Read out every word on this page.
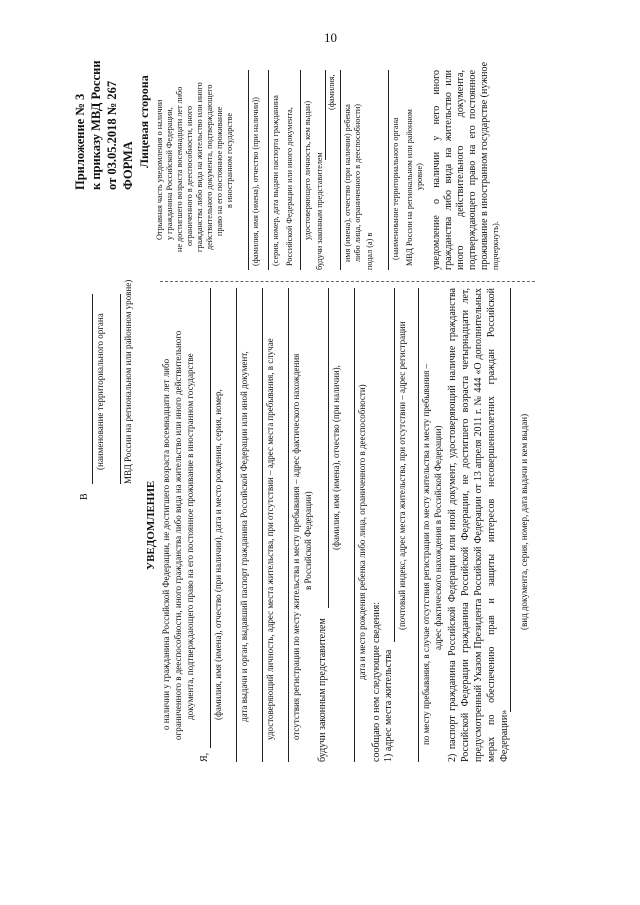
10
Приложение № 3 к приказу МВД России от 03.05.2018 № 267 ФОРМА Лицевая сторона Отрывная часть уведомления о наличии у гражданина Российской Федерации, не достигшего возраста восемнадцати лет либо ограниченного в дееспособности, иного гражданства либо вида на жительство или иного действительного документа, подтверждающего право на его постоянное проживание в иностранном государстве (фамилия, имя (имена), отчество (при наличии)) (серия, номер, дата выдачи паспорта гражданина Российской Федерации или иного документа, удостоверяющего личность, кем выдан) будучи законным представителем
(фамилия,
имя (имена), отчество (при наличии) ребенка либо лица, ограниченного в дееспособности) подал (а) в (наименование территориального органа МВД России на региональном или районном уровне) уведомление о наличии у него иного гражданства либо вида на жительство или иного действительного документа, подтверждающего право на его постоянное проживание в иностранном государстве (нужное подчеркнуть).
В
(наименование территориального органа МВД России на региональном или районном уровне)
УВЕДОМЛЕНИЕ о наличии у гражданина Российской Федерации, не достигшего возраста восемнадцати лет либо ограниченного в дееспособности, иного гражданства либо вида на жительство или иного действительного документа, подтверждающего право на его постоянное проживание в иностранном государстве
Я,
(фамилия, имя (имена), отчество (при наличии), дата и место рождения, серия, номер, дата выдачи и орган, выдавший паспорт гражданина Российской Федерации или иной документ, удостоверяющий личность, адрес места жительства, при отсутствии – адрес места пребывания, в случае отсутствия регистрации по месту жительства и месту пребывания – адрес фактического нахождения в Российской Федерации)
будучи законным представителем
(фамилия, имя (имена), отчество (при наличии), дата и место рождения ребенка либо лица, ограниченного в дееспособности)
сообщаю о нем следующие сведения: 1) адрес места жительства
(почтовый индекс, адрес места жительства, при отсутствии – адрес регистрации по месту пребывания, в случае отсутствия регистрации по месту жительства и месту пребывания – адрес фактического нахождения в Российской Федерации) 2) паспорт гражданина Российской Федерации или иной документ, удостоверяющий наличие гражданства Российской Федерации гражданина Российской Федерации, не достигшего возраста четырнадцати лет, предусмотренный Указом Президента Российской Федерации от 13 апреля 2011 г. № 444 «О дополнительных мерах по обеспечению прав и защиты интересов несовершеннолетних граждан Российской Федерации»
(вид документа, серия, номер, дата выдачи и кем выдан)
